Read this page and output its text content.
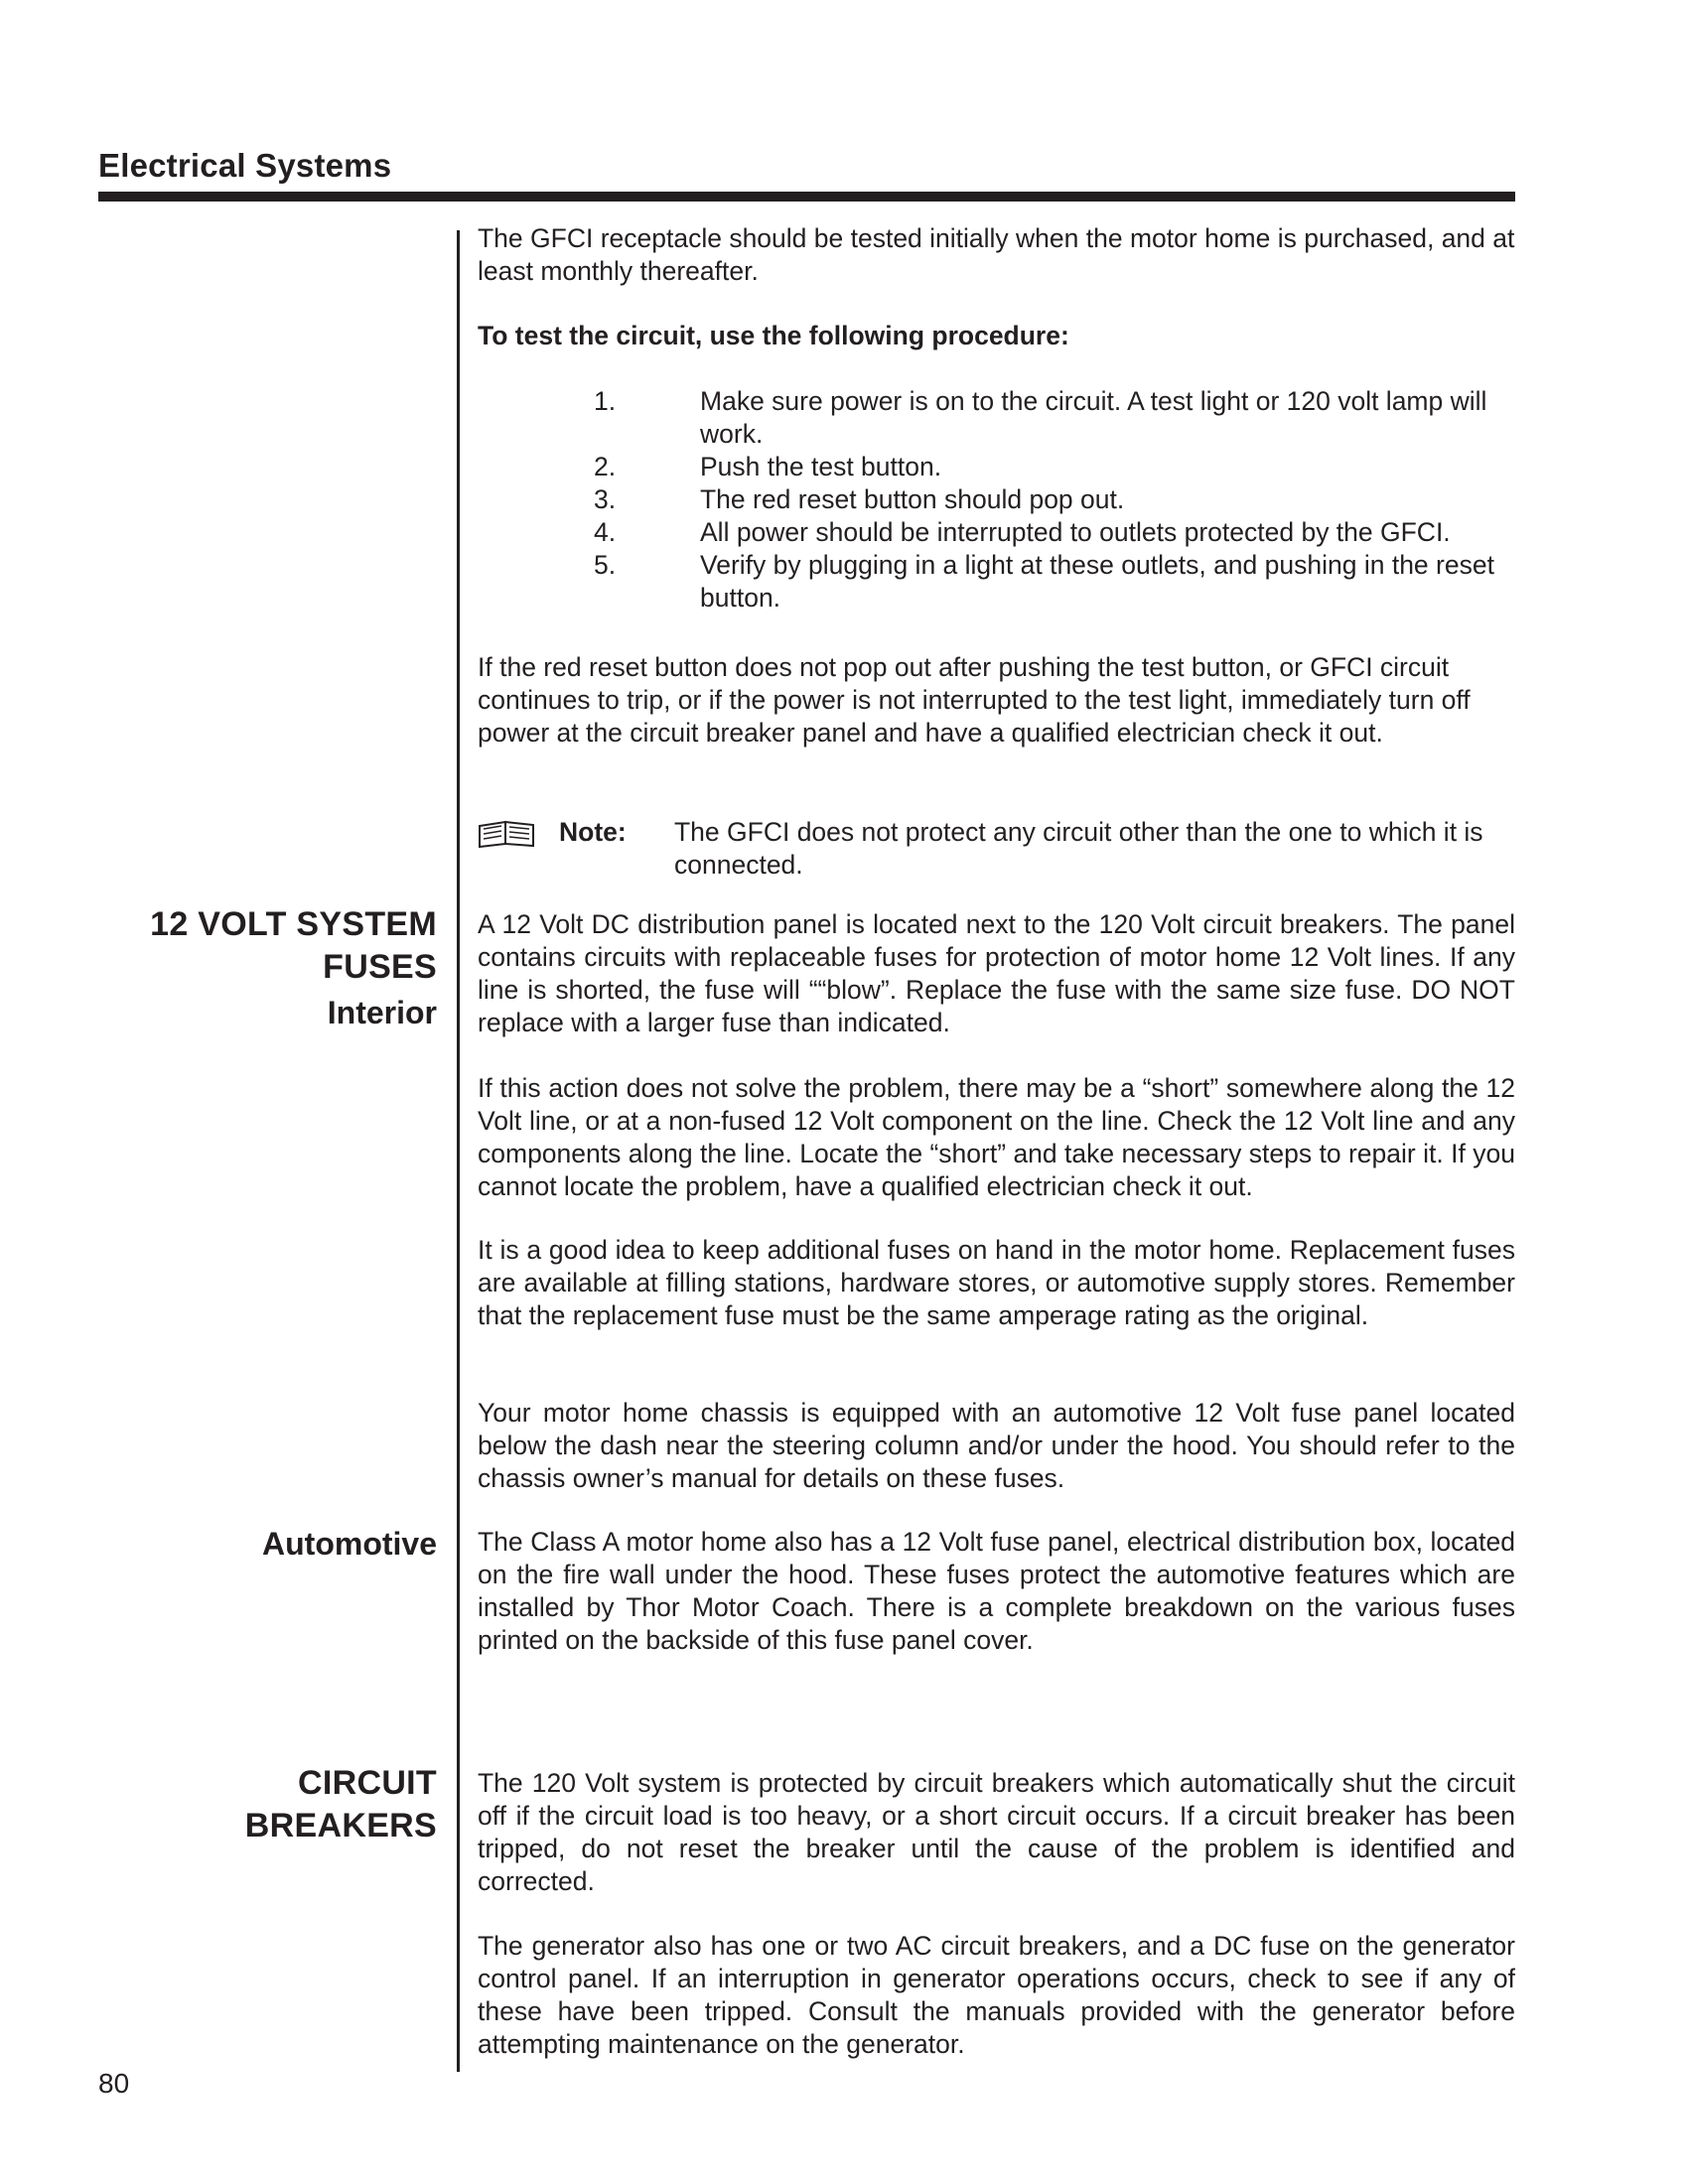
Electrical Systems
The GFCI receptacle should be tested initially when the motor home is purchased, and at least monthly thereafter.
To test the circuit, use the following procedure:
1.	Make sure power is on to the circuit. A test light or 120 volt lamp will work.
2.	Push the test button.
3.	The red reset button should pop out.
4.	All power should be interrupted to outlets protected by the GFCI.
5.	Verify by plugging in a light at these outlets, and pushing in the reset button.
If the red reset button does not pop out after pushing the test button, or GFCI circuit continues to trip, or if the power is not interrupted to the test light, immediately turn off power at the circuit breaker panel and have a qualified electrician check it out.
Note: The GFCI does not protect any circuit other than the one to which it is connected.
12 VOLT SYSTEM
FUSES
Interior
A 12 Volt DC distribution panel is located next to the 120 Volt circuit breakers. The panel contains circuits with replaceable fuses for protection of motor home 12 Volt lines. If any line is shorted, the fuse will ““blow”. Replace the fuse with the same size fuse. DO NOT replace with a larger fuse than indicated.
If this action does not solve the problem, there may be a “short” somewhere along the 12 Volt line, or at a non-fused 12 Volt component on the line. Check the 12 Volt line and any components along the line. Locate the “short” and take necessary steps to repair it. If you cannot locate the problem, have a qualified electrician check it out.
It is a good idea to keep additional fuses on hand in the motor home. Replacement fuses are available at filling stations, hardware stores, or automotive supply stores. Remember that the replacement fuse must be the same amperage rating as the original.
Your motor home chassis is equipped with an automotive 12 Volt fuse panel located below the dash near the steering column and/or under the hood. You should refer to the chassis owner’s manual for details on these fuses.
Automotive The Class A motor home also has a 12 Volt fuse panel, electrical distribution box, located on the fire wall under the hood. These fuses protect the automotive features which are installed by Thor Motor Coach. There is a complete breakdown on the various fuses printed on the backside of this fuse panel cover.
CIRCUIT
BREAKERS
The 120 Volt system is protected by circuit breakers which automatically shut the circuit off if the circuit load is too heavy, or a short circuit occurs. If a circuit breaker has been tripped, do not reset the breaker until the cause of the problem is identified and corrected.
The generator also has one or two AC circuit breakers, and a DC fuse on the generator control panel. If an interruption in generator operations occurs, check to see if any of these have been tripped. Consult the manuals provided with the generator before attempting maintenance on the generator.
80
